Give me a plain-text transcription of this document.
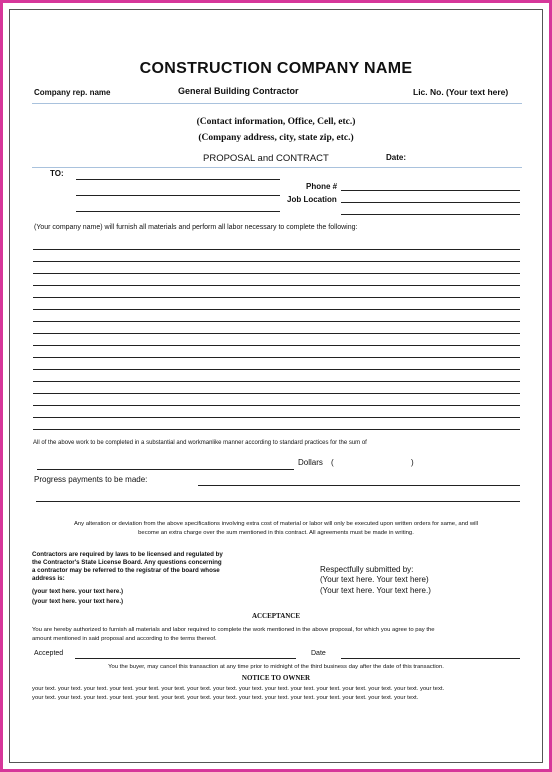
CONSTRUCTION COMPANY NAME
Company rep. name	General Building Contractor	Lic. No. (Your text here)
(Contact information, Office, Cell, etc.)
(Company address, city, state zip, etc.)
PROPOSAL and CONTRACT	Date:
TO:
Phone #
Job Location
(Your company name) will furnish all materials and perform all labor necessary to complete the following:
All of the above work to be completed in a substantial and workmanlike manner according to standard practices for the sum of
Dollars (	)
Progress payments to be made:
Any alteration or deviation from the above specifications involving extra cost of material or labor will only be executed upon written orders for same, and will
become an extra charge over the sum mentioned in this contract. All agreements must be made in writing.
Contractors are required by laws to be licensed and regulated by
the Contractor's State License Board. Any questions concerning
a contractor may be referred to the registrar of the board whose
address is:
(your text here. your text here.)
(your text here. your text here.)
Respectfully submitted by:
(Your text here. Your text here)
(Your text here. Your text here.)
ACCEPTANCE
You are hereby authorized to furnish all materials and labor required to complete the work mentioned in the above proposal, for which you agree to pay the
amount mentioned in said proposal and according to the terms thereof.
Accepted	Date
You the buyer, may cancel this transaction at any time prior to midnight of the third business day after the date of this transaction.
NOTICE TO OWNER
your text. your text. your text. your text. your text. your text. your text. your text. your text. your text. your text. your text. your text. your text. your text. your text.
your text. your text. your text. your text. your text. your text. your text. your text. your text. your text. your text. your text. your text. your text. your text.
